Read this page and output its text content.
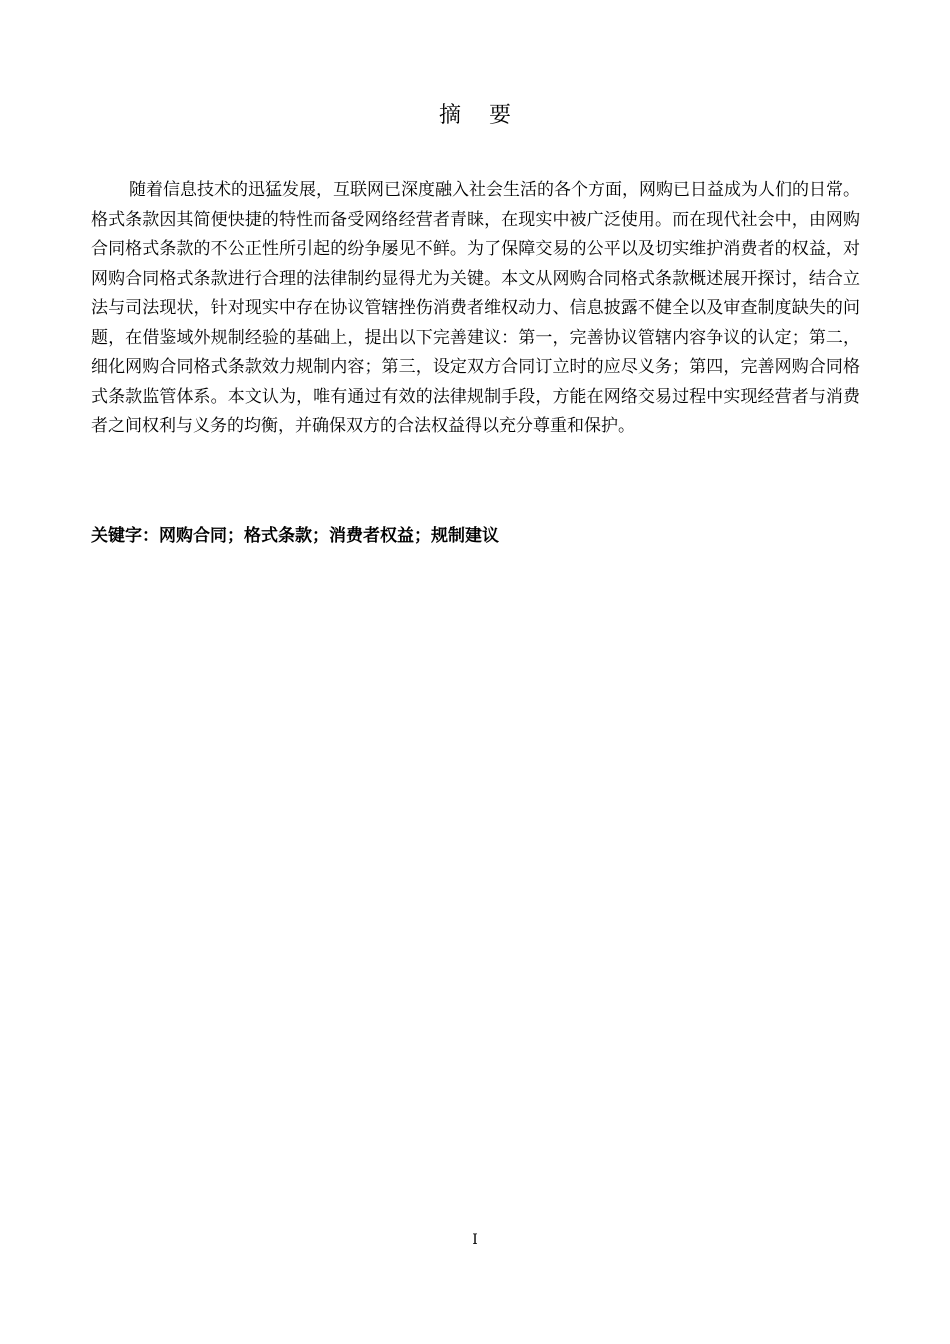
摘要
随着信息技术的迅猛发展，互联网已深度融入社会生活的各个方面，网购已日益成为人们的日常。格式条款因其简便快捷的特性而备受网络经营者青睐，在现实中被广泛使用。而在现代社会中，由网购合同格式条款的不公正性所引起的纷争屡见不鲜。为了保障交易的公平以及切实维护消费者的权益，对网购合同格式条款进行合理的法律制约显得尤为关键。本文从网购合同格式条款概述展开探讨，结合立法与司法现状，针对现实中存在协议管辖挫伤消费者维权动力、信息披露不健全以及审查制度缺失的问题，在借鉴域外规制经验的基础上，提出以下完善建议：第一，完善协议管辖内容争议的认定；第二，细化网购合同格式条款效力规制内容；第三，设定双方合同订立时的应尽义务；第四，完善网购合同格式条款监管体系。本文认为，唯有通过有效的法律规制手段，方能在网络交易过程中实现经营者与消费者之间权利与义务的均衡，并确保双方的合法权益得以充分尊重和保护。
关键字：网购合同；格式条款；消费者权益；规制建议
I
